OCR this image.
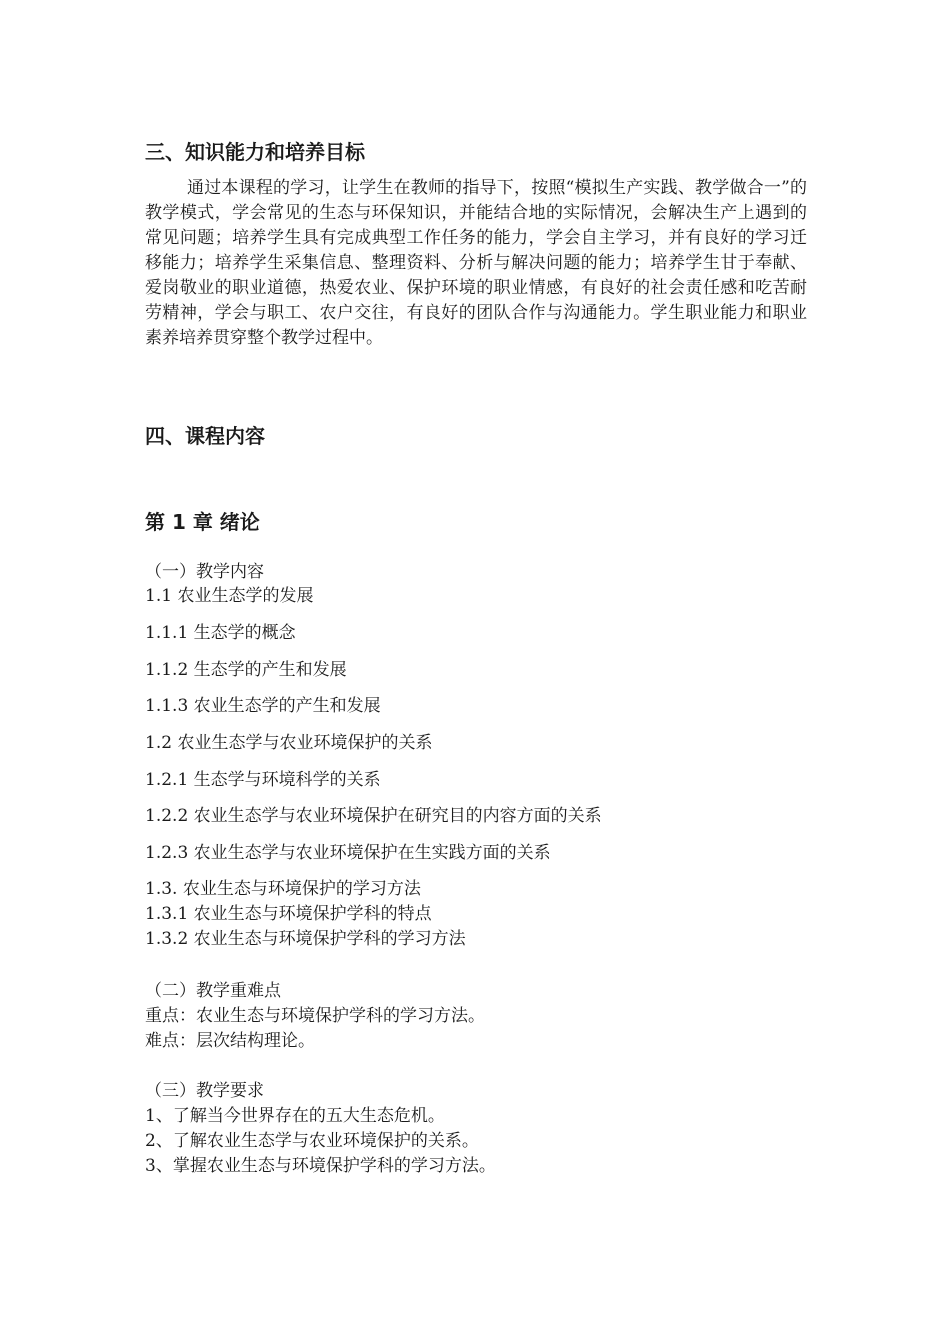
三、知识能力和培养目标
通过本课程的学习，让学生在教师的指导下，按照“模拟生产实践、教学做合一”的教学模式，学会常见的生态与环保知识，并能结合地的实际情况，会解决生产上遇到的常见问题；培养学生具有完成典型工作任务的能力，学会自主学习，并有良好的学习迁移能力；培养学生采集信息、整理资料、分析与解决问题的能力；培养学生甘于奉献、爱岗敬业的职业道德，热爱农业、保护环境的职业情感，有良好的社会责任感和吃苦耐劳精神，学会与职工、农户交往，有良好的团队合作与沟通能力。学生职业能力和职业素养培养贯穿整个教学过程中。
四、课程内容
第 1 章 绪论
（一）教学内容
1.1 农业生态学的发展
1.1.1 生态学的概念
1.1.2 生态学的产生和发展
1.1.3 农业生态学的产生和发展
1.2 农业生态学与农业环境保护的关系
1.2.1 生态学与环境科学的关系
1.2.2 农业生态学与农业环境保护在研究目的内容方面的关系
1.2.3 农业生态学与农业环境保护在生实践方面的关系
1.3. 农业生态与环境保护的学习方法
1.3.1 农业生态与环境保护学科的特点
1.3.2 农业生态与环境保护学科的学习方法
（二）教学重难点
重点：农业生态与环境保护学科的学习方法。
难点：层次结构理论。
（三）教学要求
1、了解当今世界存在的五大生态危机。
2、了解农业生态学与农业环境保护的关系。
3、掌握农业生态与环境保护学科的学习方法。
